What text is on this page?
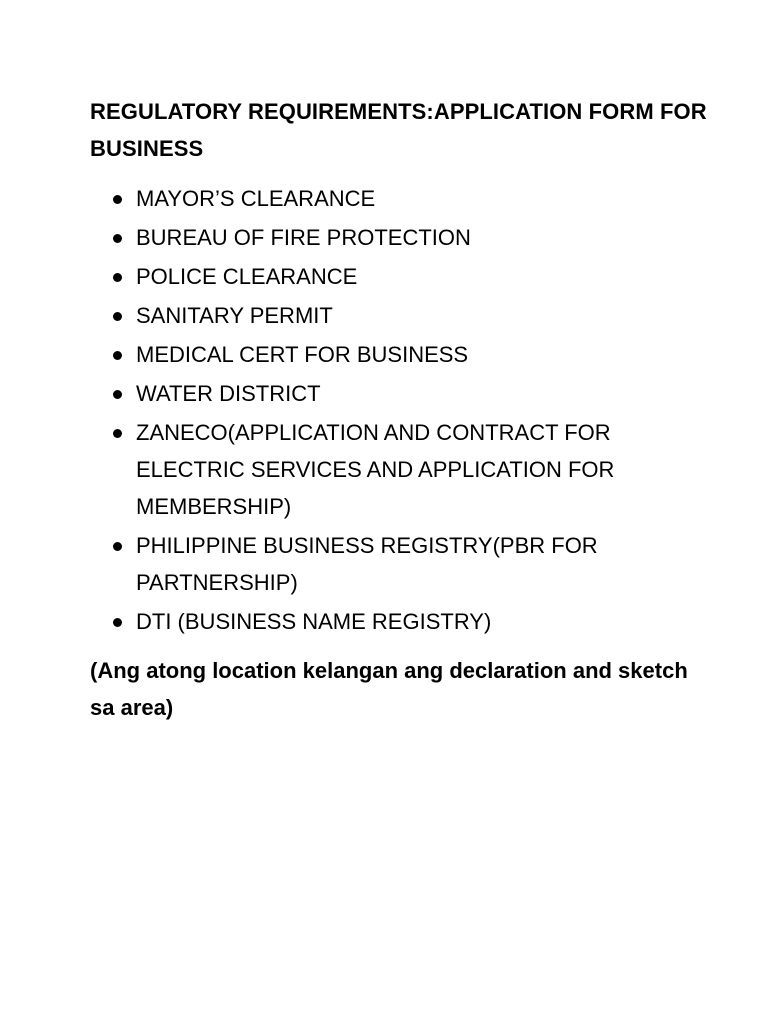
REGULATORY REQUIREMENTS:APPLICATION FORM FOR BUSINESS
MAYOR’S CLEARANCE
BUREAU OF FIRE PROTECTION
POLICE CLEARANCE
SANITARY PERMIT
MEDICAL CERT FOR BUSINESS
WATER DISTRICT
ZANECO(APPLICATION AND CONTRACT FOR ELECTRIC SERVICES AND APPLICATION FOR MEMBERSHIP)
PHILIPPINE BUSINESS REGISTRY(PBR FOR PARTNERSHIP)
DTI (BUSINESS NAME REGISTRY)

(Ang atong location kelangan ang declaration and sketch sa area)
